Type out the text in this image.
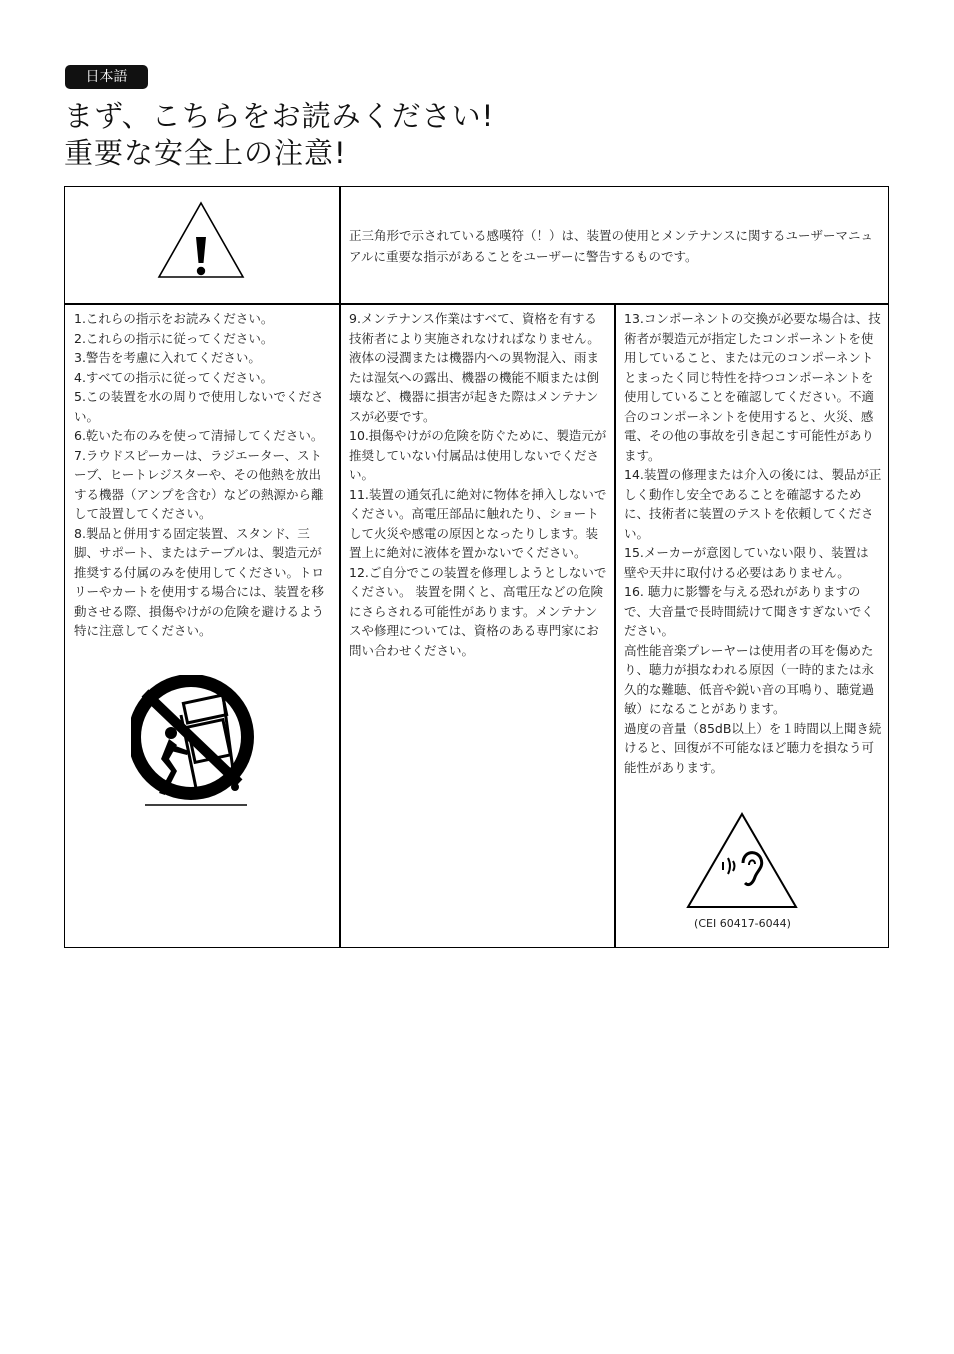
日本語
まず、こちらをお読みください!
重要な安全上の注意!
正三角形で示されている感嘆符（！）は、装置の使用とメンテナンスに関するユーザーマニュアルに重要な指示があることをユーザーに警告するものです。

1.これらの指示をお読みください。

2.これらの指示に従ってください。

3.警告を考慮に入れてください。

4.すべての指示に従ってください。

5.この装置を水の周りで使用しないでください。

6.乾いた布のみを使って清掃してください。

7.ラウドスピーカーは、ラジエーター、ストーブ、ヒートレジスターや、その他熱を放出する機器（アンプを含む）などの熱源から離して設置してください。

8.製品と併用する固定装置、スタンド、三脚、サポート、またはテーブルは、製造元が推奨する付属のみを使用してください。トロリーやカートを使用する場合には、装置を移動させる際、損傷やけがの危険を避けるよう特に注意してください。

9.メンテナンス作業はすべて、資格を有する技術者により実施されなければなりません。液体の浸潤または機器内への異物混入、雨または湿気への露出、機器の機能不順または倒壊など、機器に損害が起きた際はメンテナンスが必要です。

10.損傷やけがの危険を防ぐために、製造元が推奨していない付属品は使用しないでください。

11.装置の通気孔に絶対に物体を挿入しないでください。高電圧部品に触れたり、ショートして火災や感電の原因となったりします。装置上に絶対に液体を置かないでください。

12.ご自分でこの装置を修理しようとしないでください。 装置を開くと、高電圧などの危険にさらされる可能性があります。メンテナンスや修理については、資格のある専門家にお問い合わせください。

13.コンポーネントの交換が必要な場合は、技術者が製造元が指定したコンポーネントを使用していること、または元のコンポーネントとまったく同じ特性を持つコンポーネントを使用していることを確認してください。不適合のコンポーネントを使用すると、火災、感電、その他の事故を引き起こす可能性があります。

14.装置の修理または介入の後には、製品が正しく動作し安全であることを確認するために、技術者に装置のテストを依頼してください。

15.メーカーが意図していない限り、装置は 壁や天井に取付ける必要はありません。

16. 聴力に影響を与える恐れがありますので、大音量で長時間続けて聞きすぎないでください。

高性能音楽プレーヤーは使用者の耳を傷めたり、聴力が損なわれる原因（一時的または永久的な難聴、低音や鋭い音の耳鳴り、聴覚過敏）になることがあります。

過度の音量（85dB以上）を１時間以上聞き続けると、回復が不可能なほど聴力を損なう可能性があります。

(CEI 60417-6044)
